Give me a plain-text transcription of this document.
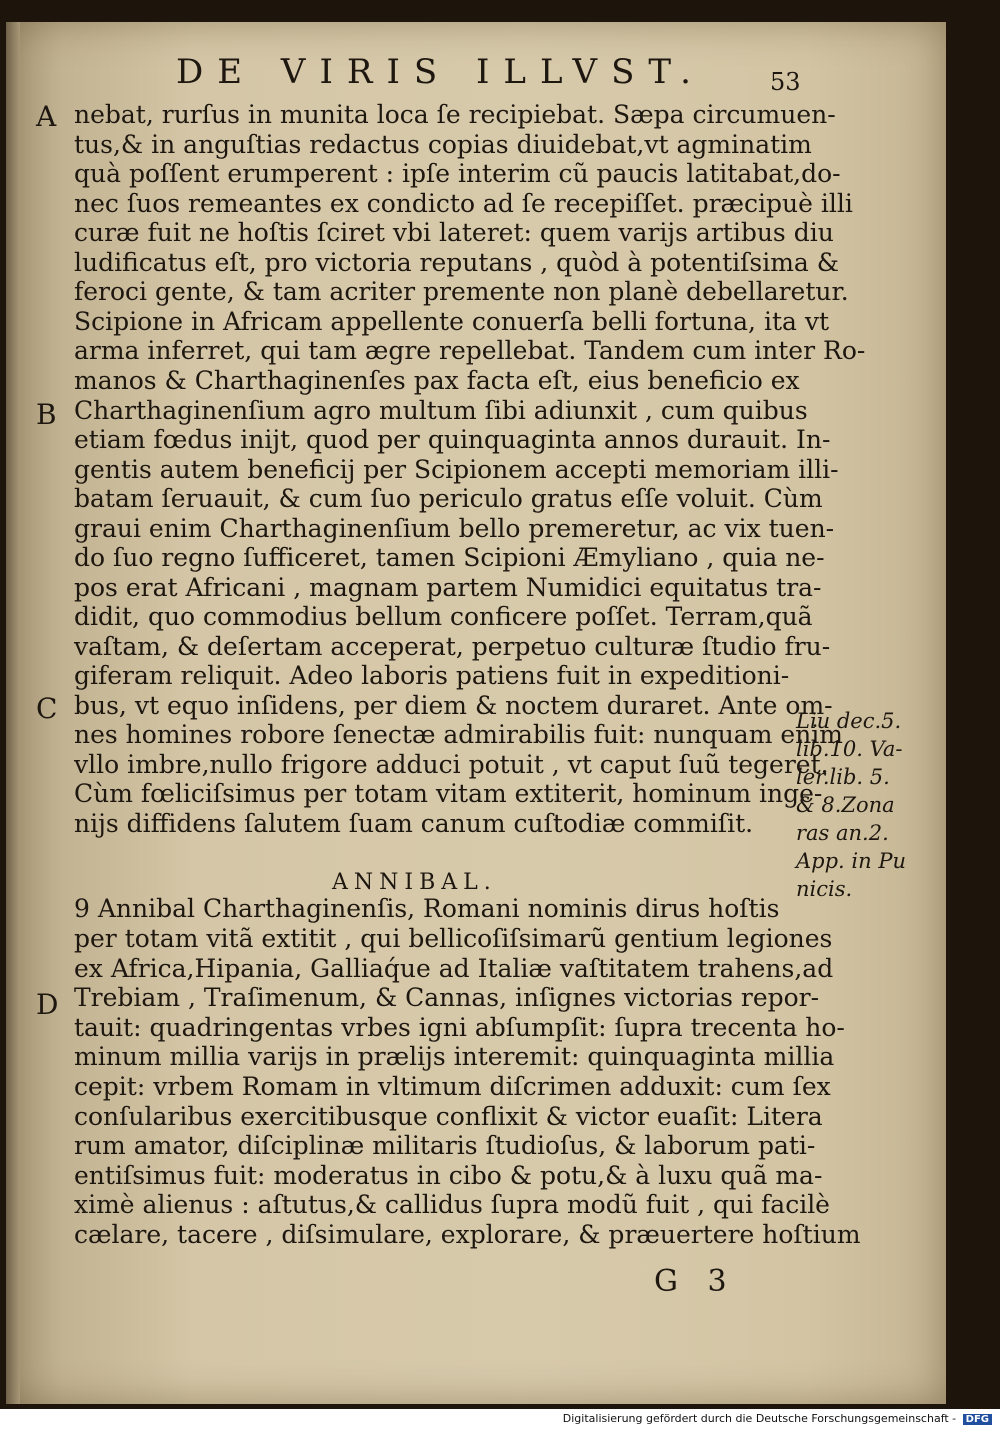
DE VIRIS ILLVST.	53
A
B
C
D
nebat, rurſus in munita loca ſe recipiebat. Sæpa circumuen-
tus,& in anguſtias redactus copias diuidebat,vt agminatim
quà poſſent erumperent : ipſe interim cũ paucis latitabat,do-
nec ſuos remeantes ex condicto ad ſe recepiſſet. præcipuè illi
curæ fuit ne hoſtis ſciret vbi lateret: quem varijs artibus diu
ludificatus eſt, pro victoria reputans , quòd à potentiſsima &
feroci gente, & tam acriter premente non planè debellaretur.
Scipione in Africam appellente conuerſa belli fortuna, ita vt
arma inferret, qui tam ægre repellebat. Tandem cum inter Ro-
manos & Charthaginenſes pax facta eſt, eius beneficio ex
Charthaginenſium agro multum ſibi adiunxit , cum quibus
etiam fœdus inijt, quod per quinquaginta annos durauit. In-
gentis autem beneficij per Scipionem accepti memoriam illi-
batam ſeruauit, & cum ſuo periculo gratus eſſe voluit. Cùm
graui enim Charthaginenſium bello premeretur, ac vix tuen-
do ſuo regno ſufficeret, tamen Scipioni Æmyliano , quia ne-
pos erat Africani , magnam partem Numidici equitatus tra-
didit, quo commodius bellum conficere poſſet. Terram,quã
vaſtam, & deſertam acceperat, perpetuo culturæ ſtudio fru-
giferam reliquit. Adeo laboris patiens fuit in expeditioni-
bus, vt equo inſidens, per diem & noctem duraret. Ante om-
nes homines robore ſenectæ admirabilis fuit: nunquam enim
vllo imbre,nullo frigore adduci potuit , vt caput ſuũ tegeret.
Cùm fœliciſsimus per totam vitam extiterit, hominum inge-
nijs diffidens ſalutem ſuam canum cuſtodiæ commiſit.
ANNIBAL.
9 Annibal Charthaginenſis, Romani nominis dirus hoſtis
per totam vitã extitit , qui bellicoſiſsimarũ gentium legiones
ex Africa,Hipania, Galliaq́ue ad Italiæ vaſtitatem trahens,ad
Trebiam , Traſimenum, & Cannas, inſignes victorias repor-
tauit: quadringentas vrbes igni abſumpſit: ſupra trecenta ho-
minum millia varijs in prælijs interemit: quinquaginta millia
cepit: vrbem Romam in vltimum diſcrimen adduxit: cum ſex
conſularibus exercitibusque conflixit & victor euaſit: Litera
rum amator, diſciplinæ militaris ſtudioſus, & laborum pati-
entiſsimus fuit: moderatus in cibo & potu,& à luxu quã ma-
ximè alienus : aſtutus,& callidus ſupra modũ fuit , qui facilè
cælare, tacere , diſsimulare, explorare, & præuertere hoſtium
Liu dec.5.
lib.10. Va-
ler.lib. 5.
& 8.Zona
ras an.2.
App. in Pu
nicis.
G 3
Digitalisierung gefördert durch die Deutsche Forschungsgemeinschaft - DFG
